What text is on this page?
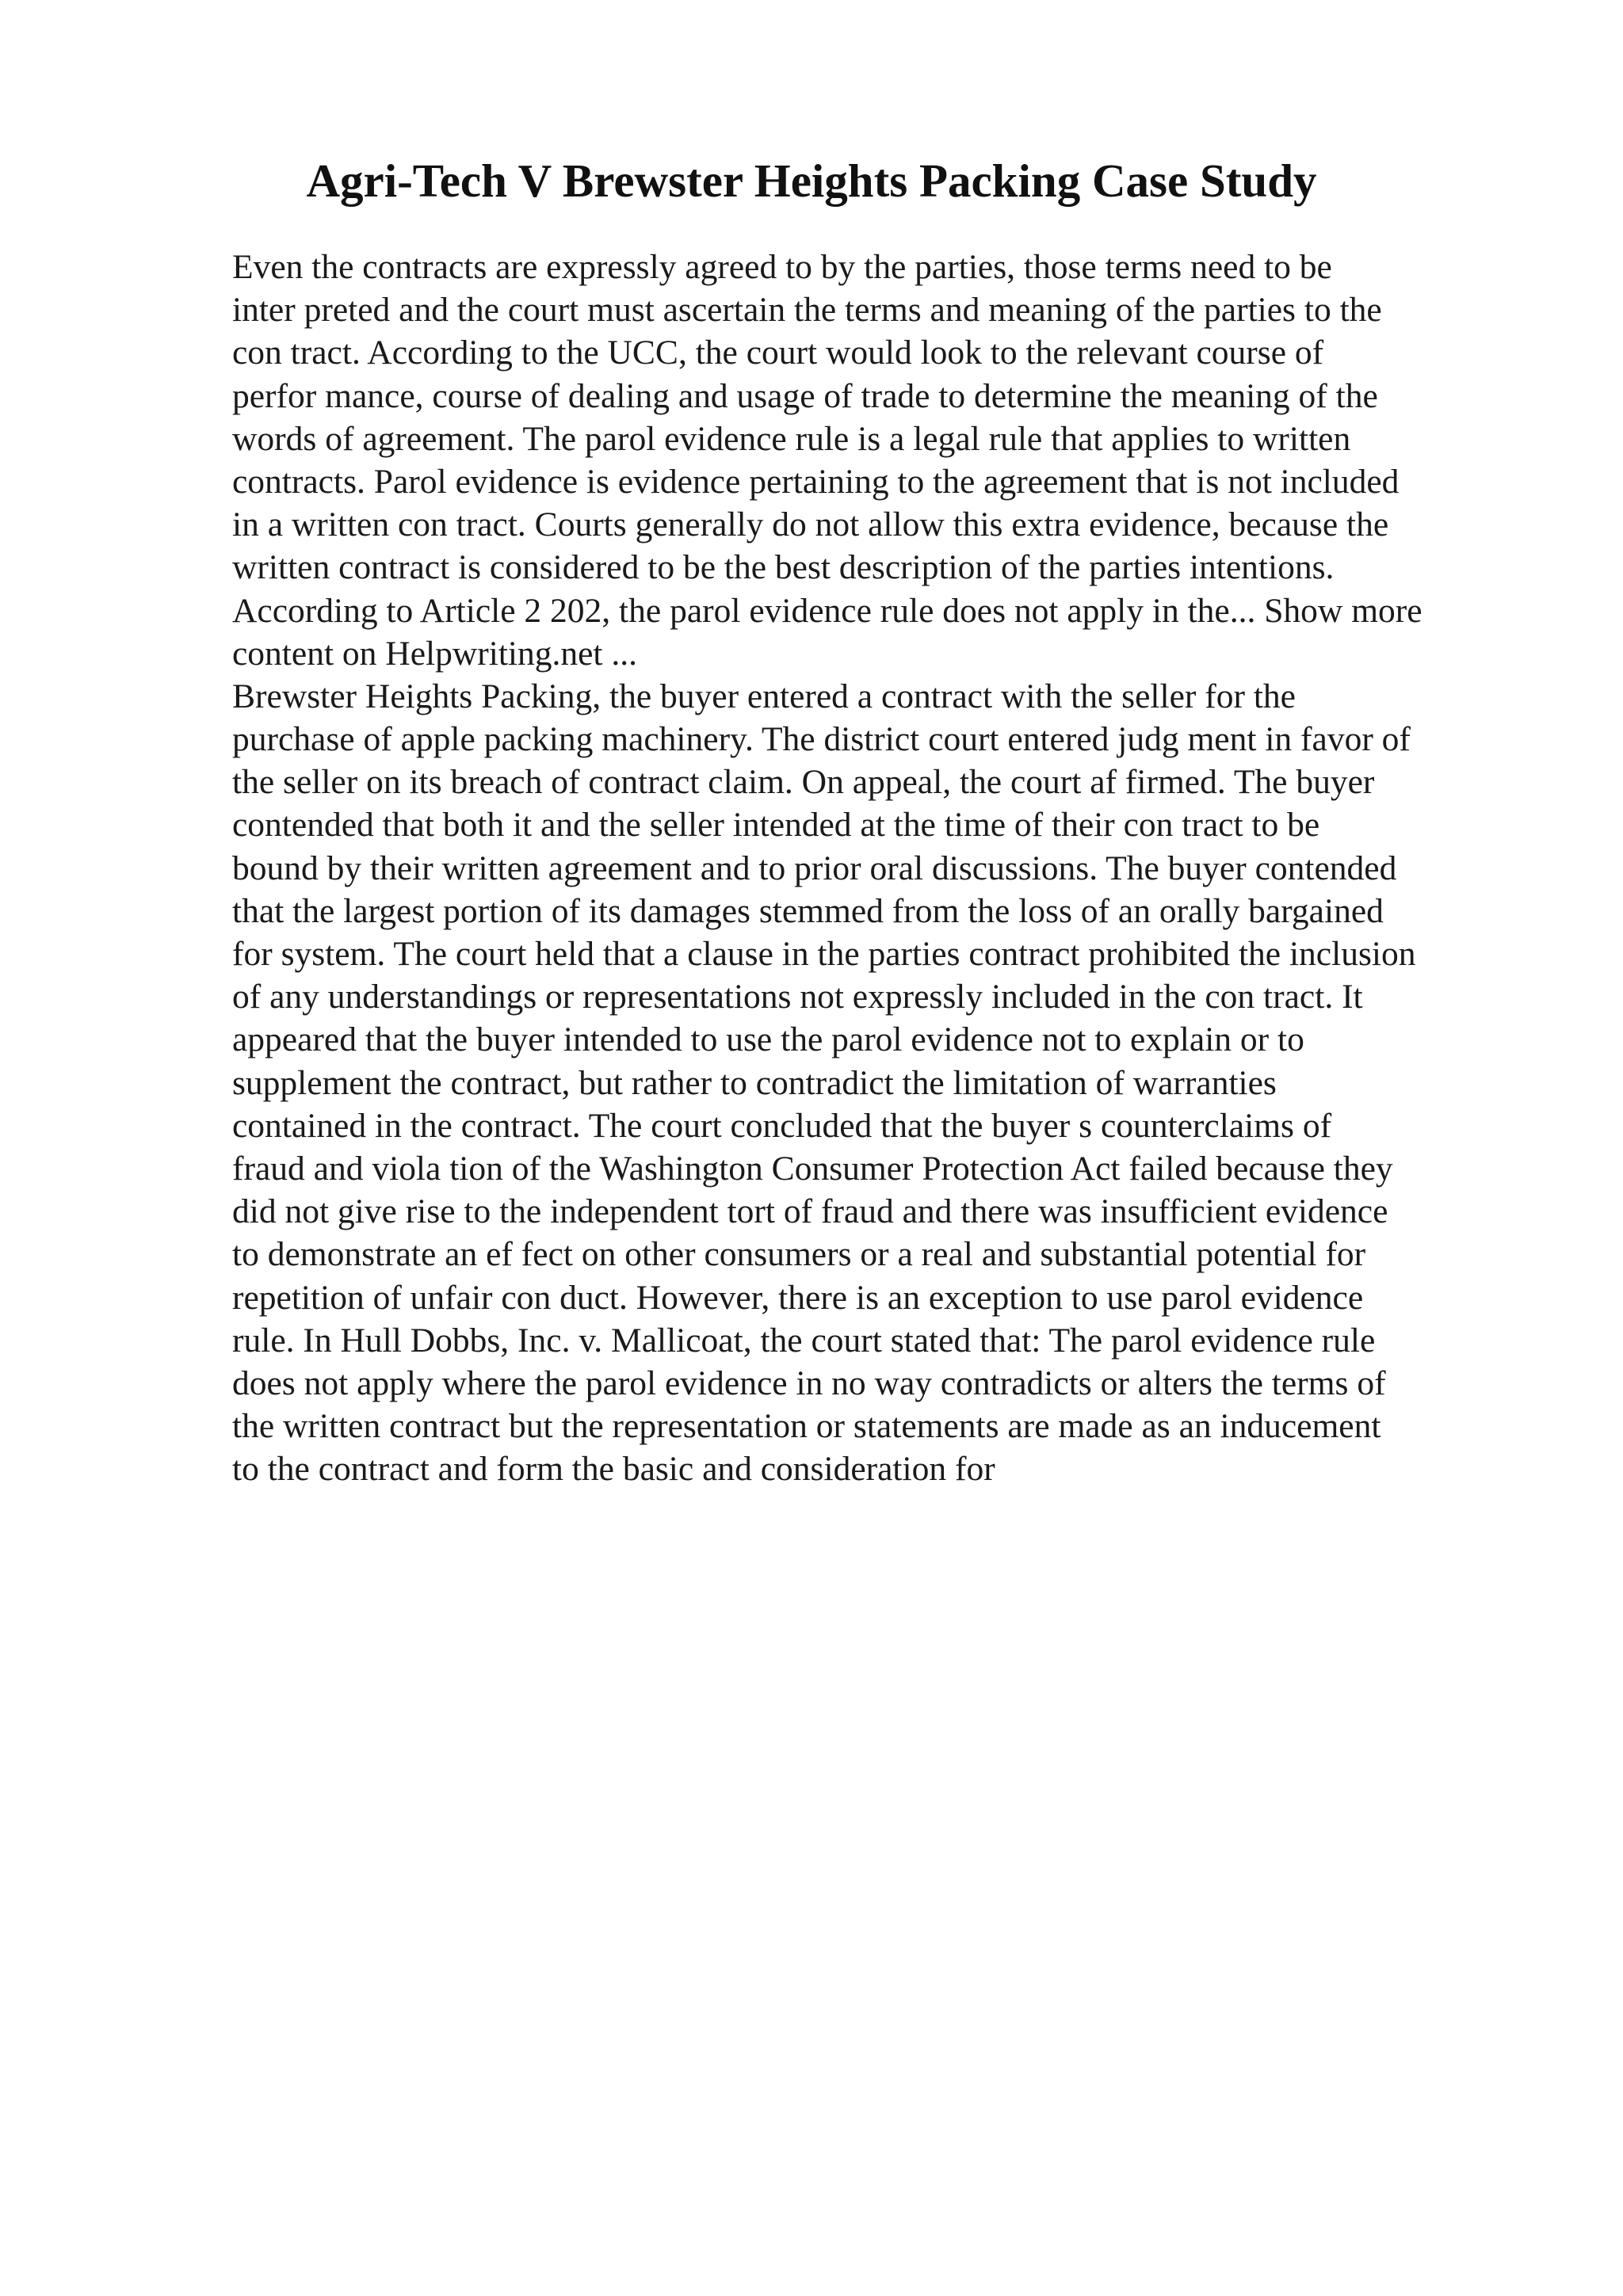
Agri-Tech V Brewster Heights Packing Case Study
Even the contracts are expressly agreed to by the parties, those terms need to be
inter preted and the court must ascertain the terms and meaning of the parties to the
con tract. According to the UCC, the court would look to the relevant course of
perfor mance, course of dealing and usage of trade to determine the meaning of the
words of agreement. The parol evidence rule is a legal rule that applies to written
contracts. Parol evidence is evidence pertaining to the agreement that is not included
in a written con tract. Courts generally do not allow this extra evidence, because the
written contract is considered to be the best description of the parties intentions.
According to Article 2 202, the parol evidence rule does not apply in the... Show more
content on Helpwriting.net ...
Brewster Heights Packing, the buyer entered a contract with the seller for the
purchase of apple packing machinery. The district court entered judg ment in favor of
the seller on its breach of contract claim. On appeal, the court af firmed. The buyer
contended that both it and the seller intended at the time of their con tract to be
bound by their written agreement and to prior oral discussions. The buyer contended
that the largest portion of its damages stemmed from the loss of an orally bargained
for system. The court held that a clause in the parties contract prohibited the inclusion
of any understandings or representations not expressly included in the con tract. It
appeared that the buyer intended to use the parol evidence not to explain or to
supplement the contract, but rather to contradict the limitation of warranties
contained in the contract. The court concluded that the buyer s counterclaims of
fraud and viola tion of the Washington Consumer Protection Act failed because they
did not give rise to the independent tort of fraud and there was insufficient evidence
to demonstrate an ef fect on other consumers or a real and substantial potential for
repetition of unfair con duct. However, there is an exception to use parol evidence
rule. In Hull Dobbs, Inc. v. Mallicoat, the court stated that: The parol evidence rule
does not apply where the parol evidence in no way contradicts or alters the terms of
the written contract but the representation or statements are made as an inducement
to the contract and form the basic and consideration for
